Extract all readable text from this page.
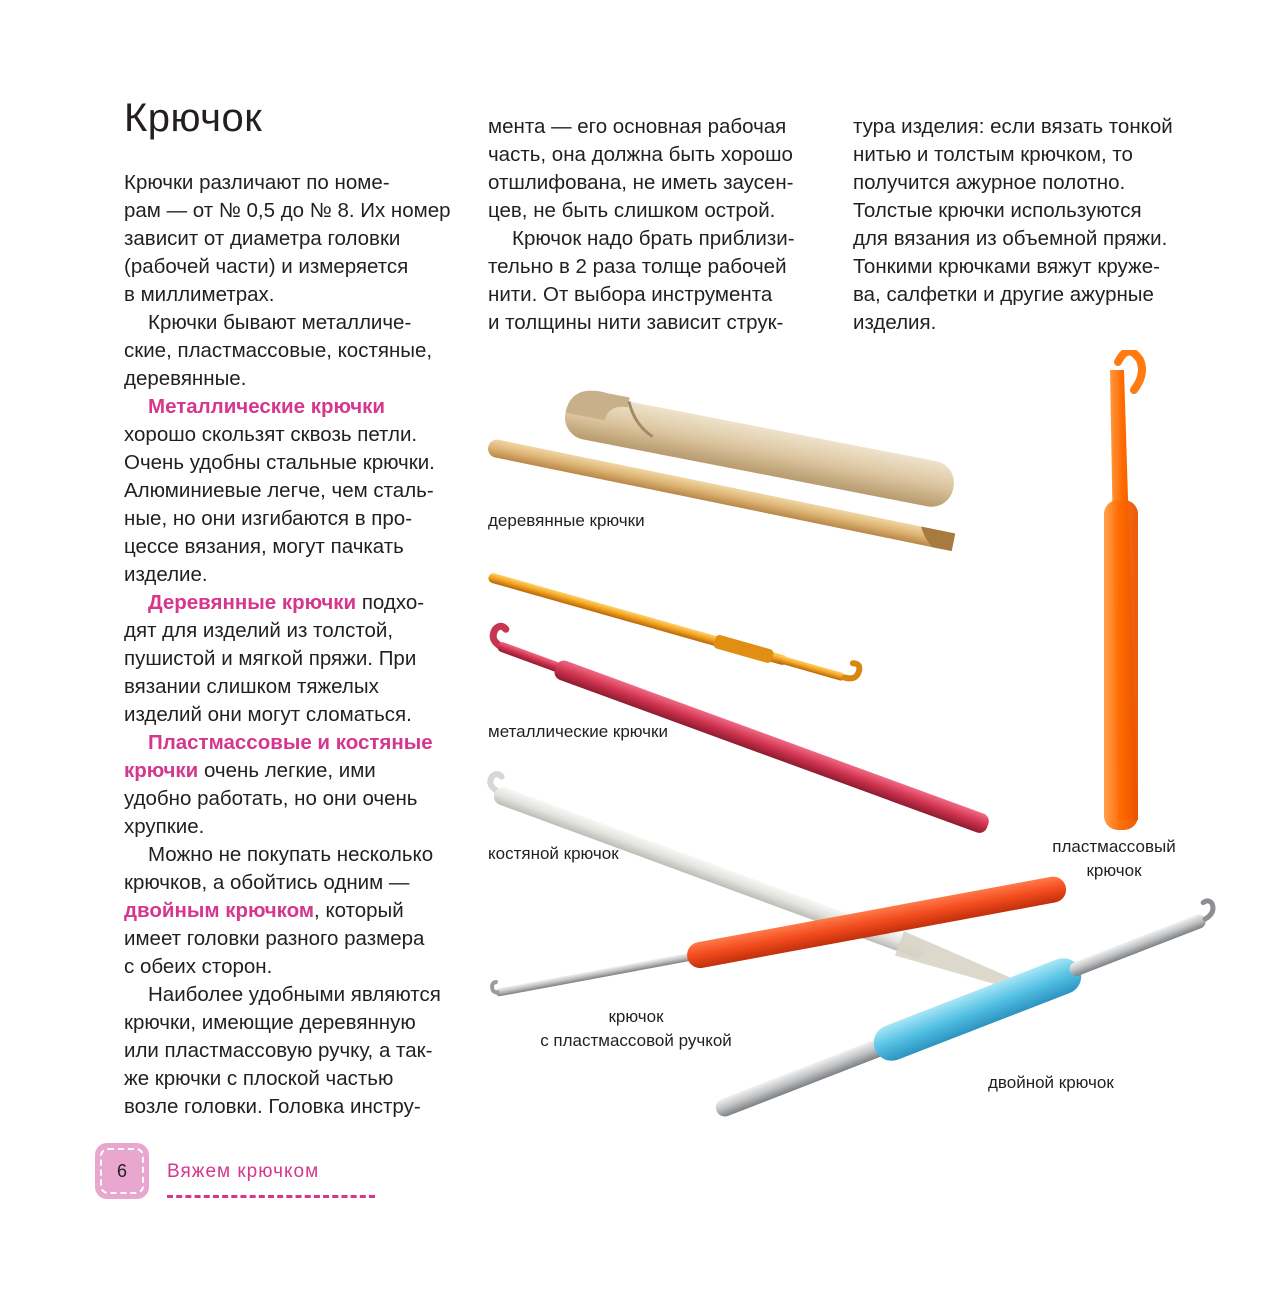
Крючок
Крючки различают по номе-
рам — от № 0,5 до № 8. Их номер
зависит от диаметра головки
(рабочей части) и измеряется
в миллиметрах.
Крючки бывают металличе-
ские, пластмассовые, костяные,
деревянные.
Металлические крючки
хорошо скользят сквозь петли.
Очень удобны стальные крючки.
Алюминиевые легче, чем сталь-
ные, но они изгибаются в про-
цессе вязания, могут пачкать
изделие.
Деревянные крючки подхо-
дят для изделий из толстой,
пушистой и мягкой пряжи. При
вязании слишком тяжелых
изделий они могут сломаться.
Пластмассовые и костяные
крючки очень легкие, ими
удобно работать, но они очень
хрупкие.
Можно не покупать несколько
крючков, а обойтись одним —
двойным крючком, который
имеет головки разного размера
с обеих сторон.
Наиболее удобными являются
крючки, имеющие деревянную
или пластмассовую ручку, а так-
же крючки с плоской частью
возле головки. Головка инстру-
мента — его основная рабочая
часть, она должна быть хорошо
отшлифована, не иметь заусен-
цев, не быть слишком острой.
Крючок надо брать приблизи-
тельно в 2 раза толще рабочей
нити. От выбора инструмента
и толщины нити зависит струк-
тура изделия: если вязать тонкой
нитью и толстым крючком, то
получится ажурное полотно.
Толстые крючки используются
для вязания из объемной пряжи.
Тонкими крючками вяжут круже-
ва, салфетки и другие ажурные
изделия.
деревянные крючки
металлические крючки
костяной крючок	пластмассовый
крючок
крючок
с пластмассовой ручкой
двойной крючок
6	Вяжем крючком
